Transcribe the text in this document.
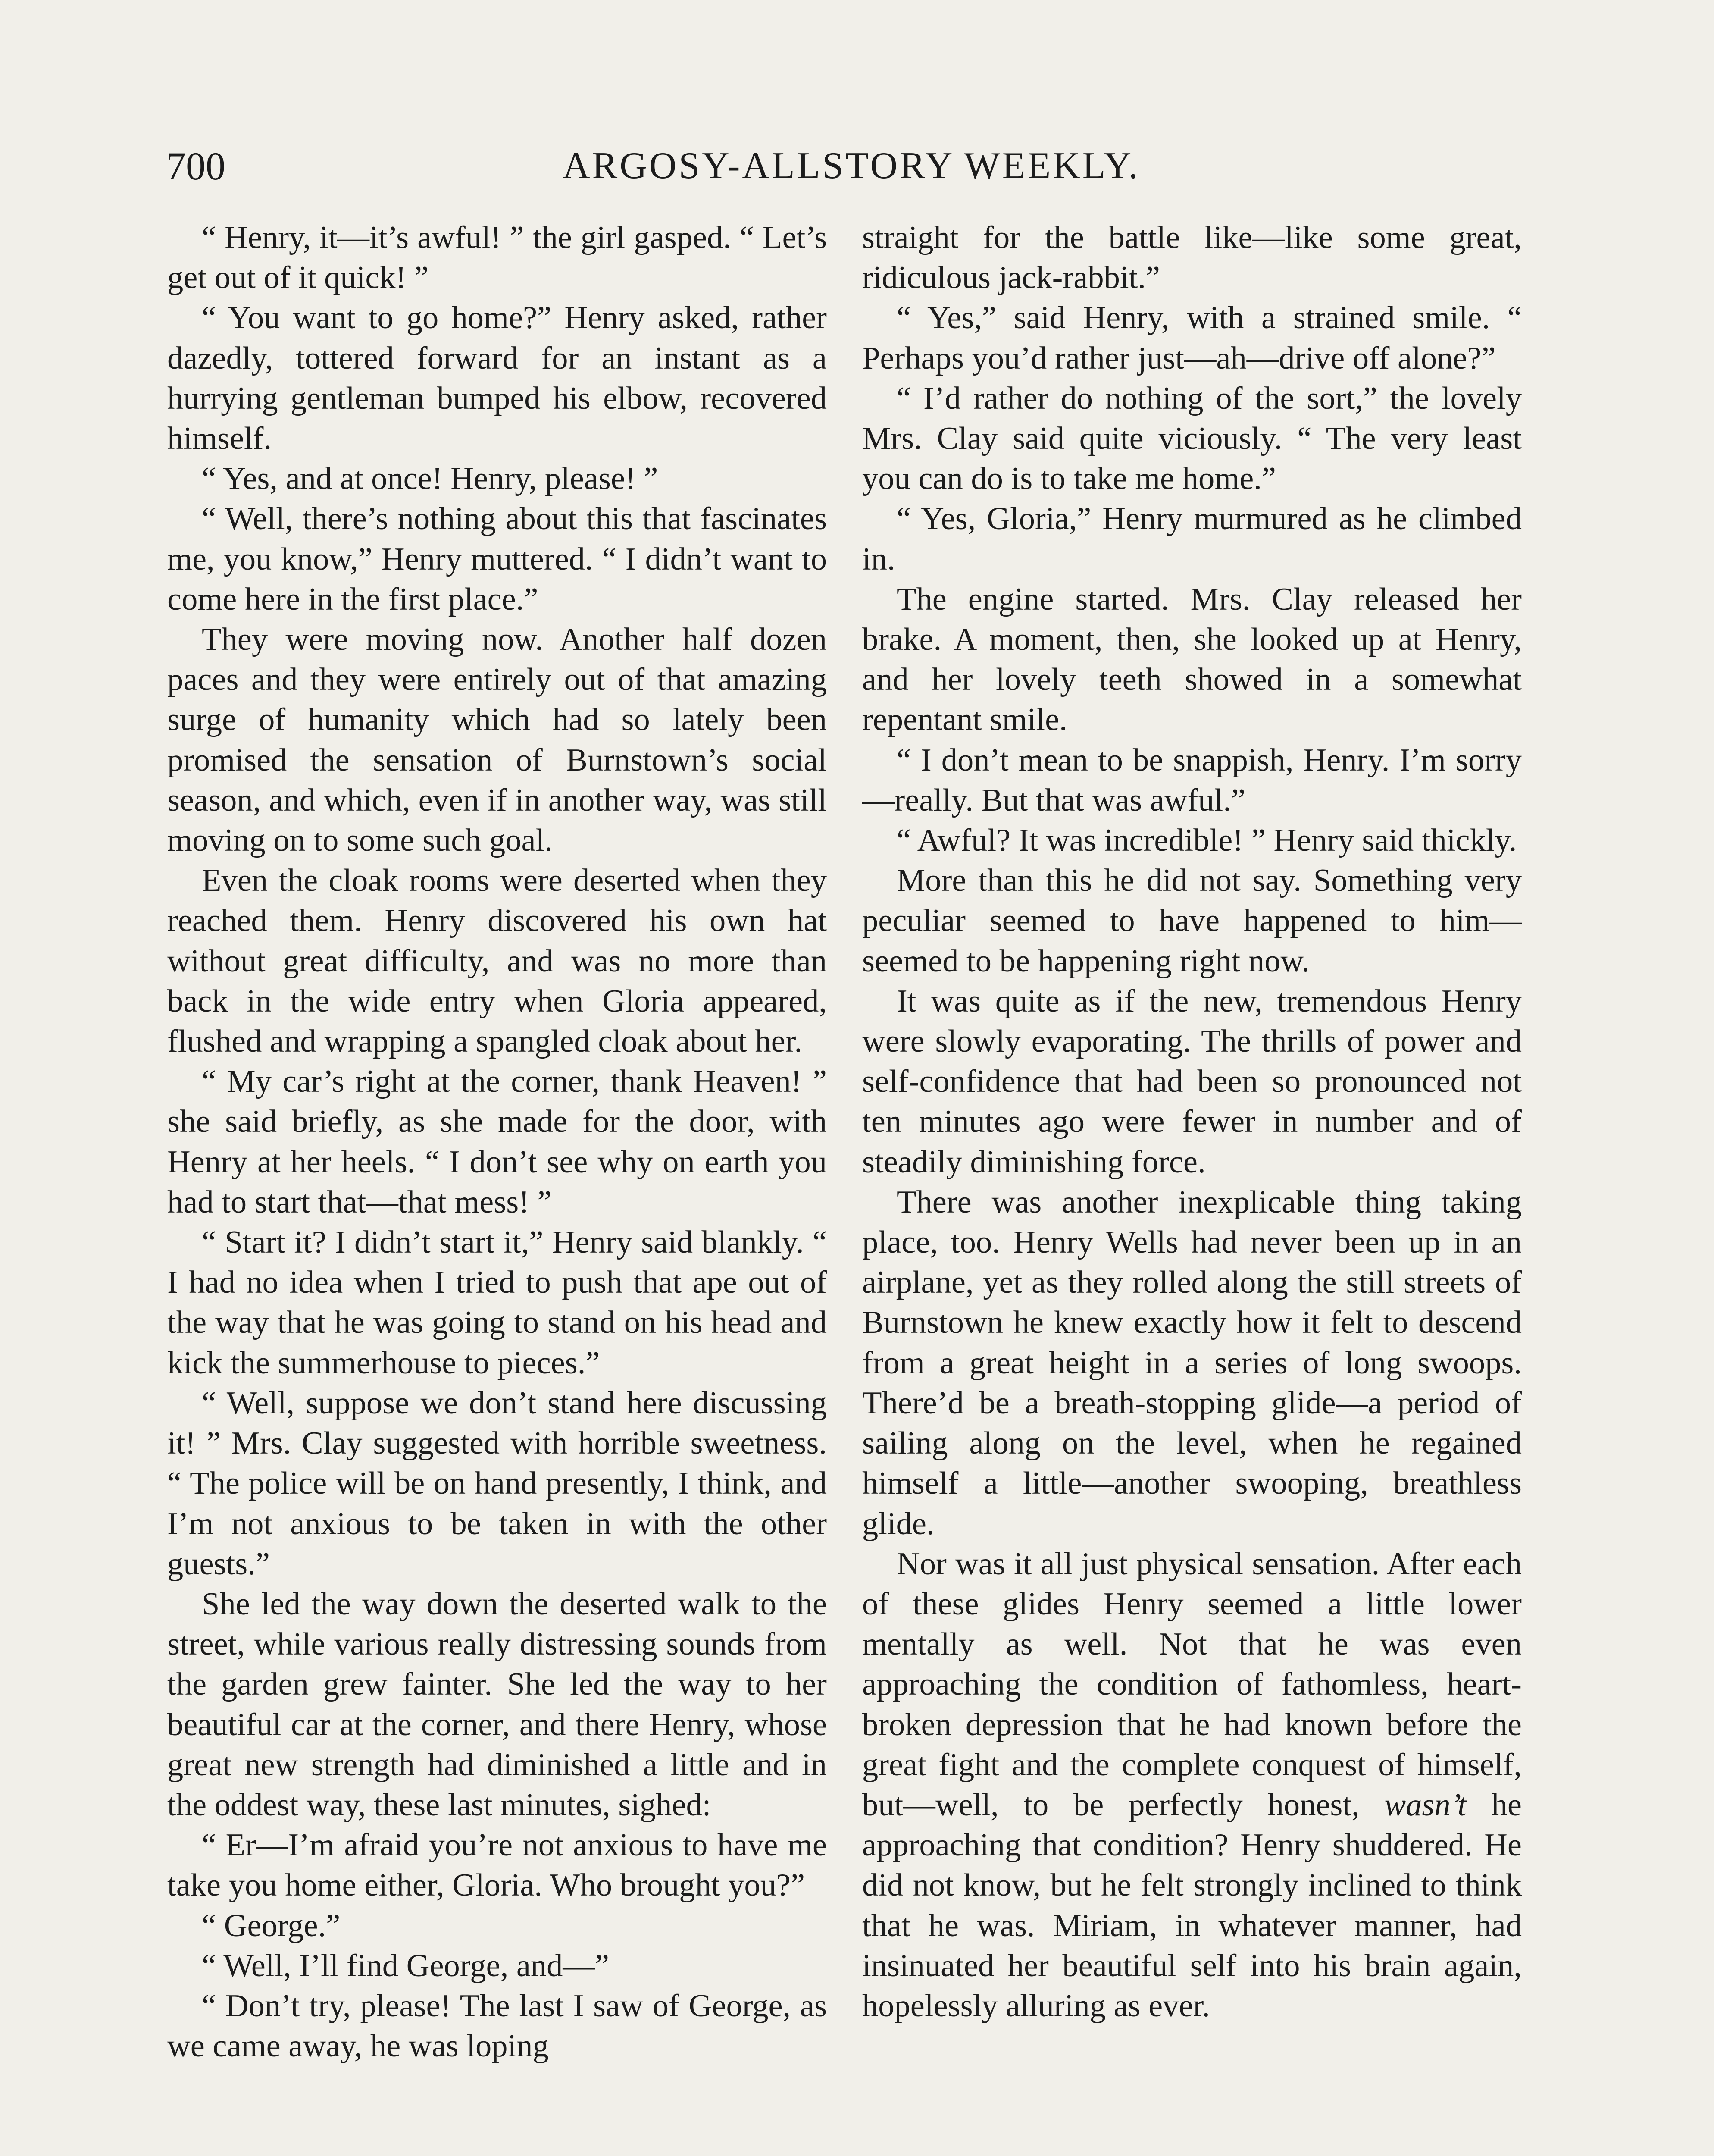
700	ARGOSY-ALLSTORY WEEKLY.

“ Henry, it—it’s awful! ” the girl gasped. “ Let’s get out of it quick! ”

“ You want to go home?” Henry asked, rather dazedly, tottered forward for an instant as a hurrying gentleman bumped his elbow, recovered himself.

“ Yes, and at once! Henry, please! ”

“ Well, there’s nothing about this that fascinates me, you know,” Henry muttered. “ I didn’t want to come here in the first place.”

They were moving now. Another half dozen paces and they were entirely out of that amazing surge of humanity which had so lately been promised the sensation of Burnstown’s social season, and which, even if in another way, was still moving on to some such goal.

Even the cloak rooms were deserted when they reached them. Henry discovered his own hat without great difficulty, and was no more than back in the wide entry when Gloria appeared, flushed and wrapping a spangled cloak about her.

“ My car’s right at the corner, thank Heaven! ” she said briefly, as she made for the door, with Henry at her heels. “ I don’t see why on earth you had to start that—that mess! ”

“ Start it? I didn’t start it,” Henry said blankly. “ I had no idea when I tried to push that ape out of the way that he was going to stand on his head and kick the summerhouse to pieces.”

“ Well, suppose we don’t stand here discussing it! ” Mrs. Clay suggested with horrible sweetness. “ The police will be on hand presently, I think, and I’m not anxious to be taken in with the other guests.”

She led the way down the deserted walk to the street, while various really distressing sounds from the garden grew fainter. She led the way to her beautiful car at the corner, and there Henry, whose great new strength had diminished a little and in the oddest way, these last minutes, sighed:

“ Er—I’m afraid you’re not anxious to have me take you home either, Gloria. Who brought you?”

“ George.”

“ Well, I’ll find George, and—”

“ Don’t try, please! The last I saw of George, as we came away, he was loping

straight for the battle like—like some great, ridiculous jack-rabbit.”

“ Yes,” said Henry, with a strained smile. “ Perhaps you’d rather just—ah—drive off alone?”

“ I’d rather do nothing of the sort,” the lovely Mrs. Clay said quite viciously. “ The very least you can do is to take me home.”

“ Yes, Gloria,” Henry murmured as he climbed in.

The engine started. Mrs. Clay released her brake. A moment, then, she looked up at Henry, and her lovely teeth showed in a somewhat repentant smile.

“ I don’t mean to be snappish, Henry. I’m sorry—really. But that was awful.”

“ Awful? It was incredible! ” Henry said thickly.

More than this he did not say. Something very peculiar seemed to have happened to him—seemed to be happening right now.

It was quite as if the new, tremendous Henry were slowly evaporating. The thrills of power and self-confidence that had been so pronounced not ten minutes ago were fewer in number and of steadily diminishing force.

There was another inexplicable thing taking place, too. Henry Wells had never been up in an airplane, yet as they rolled along the still streets of Burnstown he knew exactly how it felt to descend from a great height in a series of long swoops. There’d be a breath-stopping glide—a period of sailing along on the level, when he regained himself a little—another swooping, breathless glide.

Nor was it all just physical sensation. After each of these glides Henry seemed a little lower mentally as well. Not that he was even approaching the condition of fathomless, heart-broken depression that he had known before the great fight and the complete conquest of himself, but—well, to be perfectly honest, wasn’t he approaching that condition? Henry shuddered. He did not know, but he felt strongly inclined to think that he was. Miriam, in whatever manner, had insinuated her beautiful self into his brain again, hopelessly alluring as ever.
